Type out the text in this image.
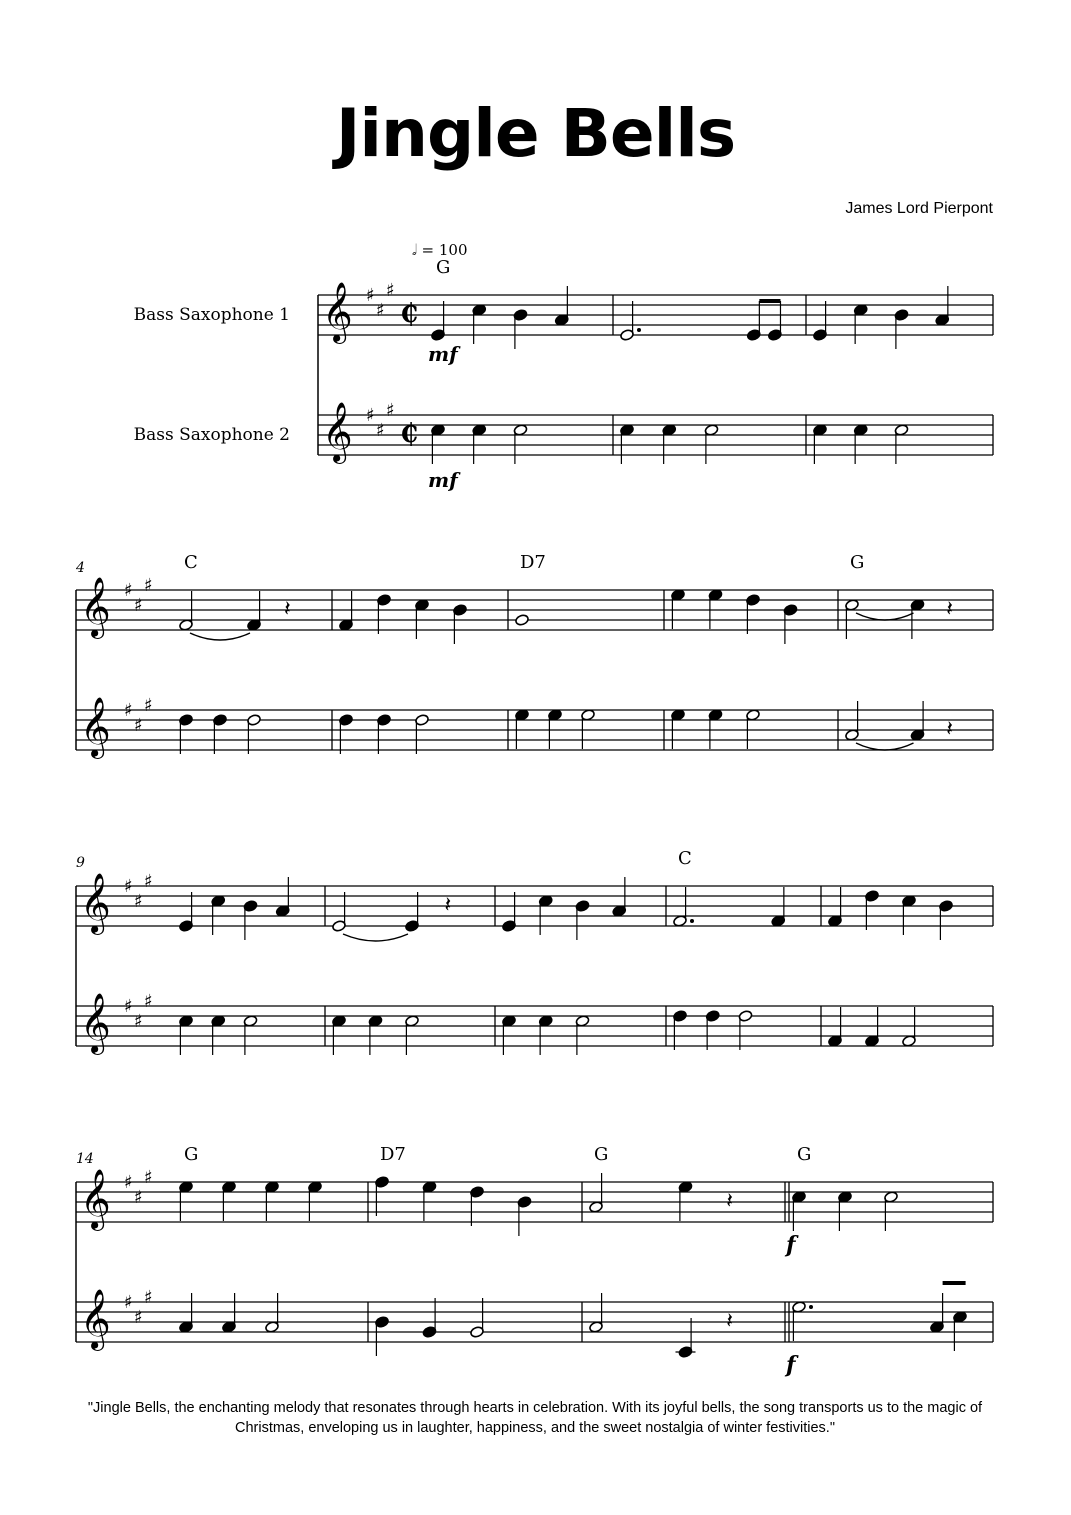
Jingle Bells
James Lord Pierpont
𝄞 ♯
♯
♯
₵
𝄞 ♯
♯
♯
₵
G
𝄞 ♯
♯
♯
𝄞 ♯
♯
♯
4	C
𝄽
D7	G
𝄽
𝄽
𝄞 ♯
♯
♯
𝄞 ♯
♯
♯
9
𝄽
C
𝄞 ♯
♯
♯
𝄞 ♯
♯
♯
14	G	D7	G
𝄽
𝄽
G
𝅗𝅥 = 100
Bass Saxophone 1
Bass Saxophone 2
mf
mf
f
f
"Jingle Bells, the enchanting melody that resonates through hearts in celebration. With its joyful bells, the song transports us to the magic of Christmas, enveloping us in laughter, happiness, and the sweet nostalgia of winter festivities."
